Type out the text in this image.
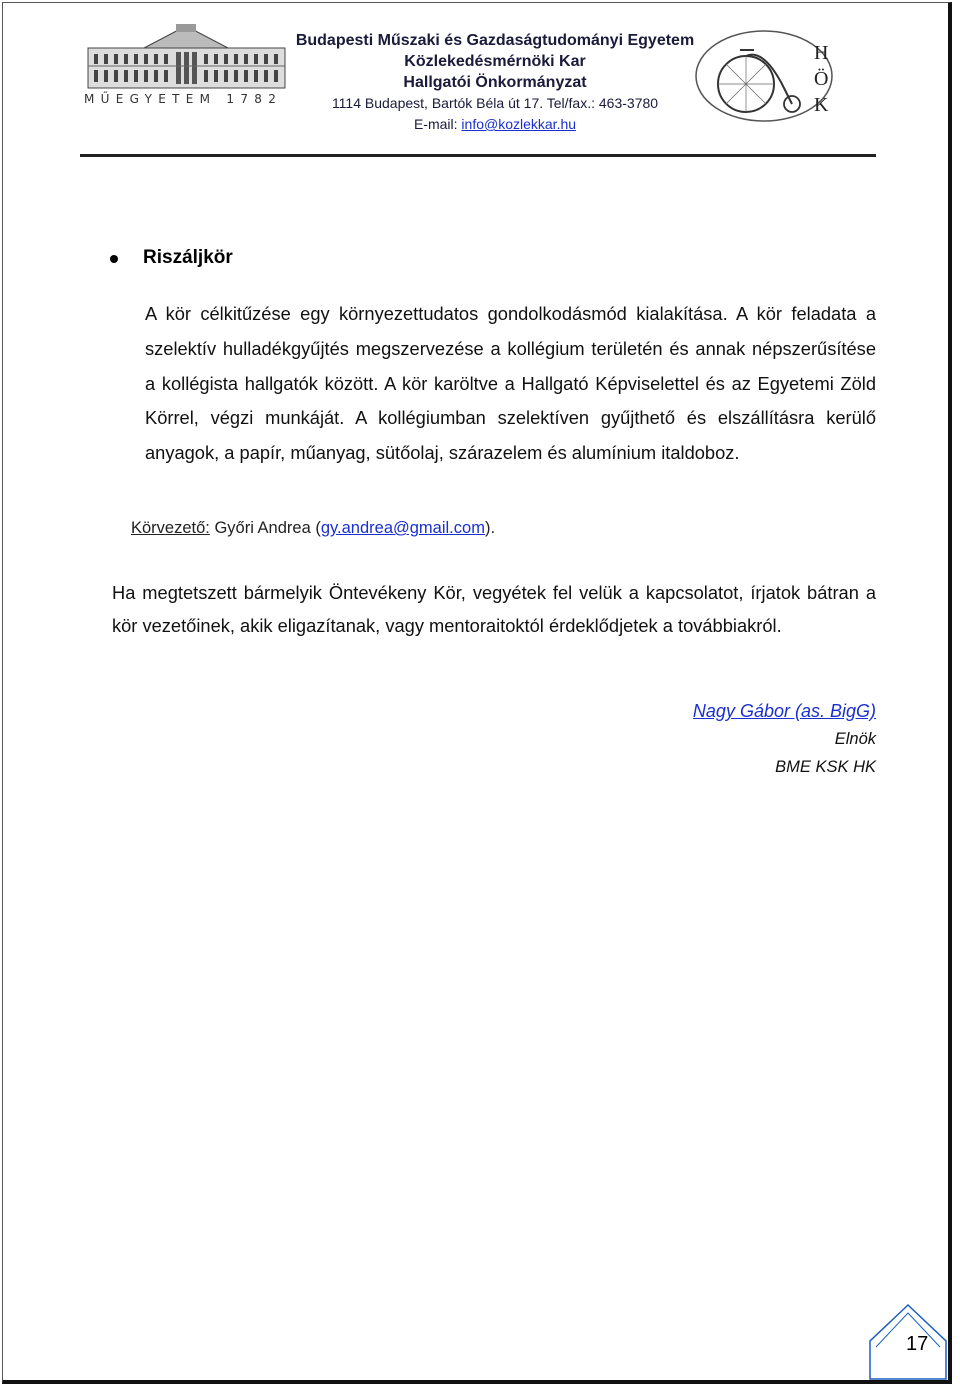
MŰEGYETEM 1782
Budapesti Műszaki és Gazdaságtudományi Egyetem
Közlekedésmérnöki Kar
Hallgatói Önkormányzat
1114 Budapest, Bartók Béla út 17. Tel/fax.: 463-3780
E-mail: info@kozlekkar.hu
H
Ö
K
Riszáljkör
A kör célkitűzése egy környezettudatos gondolkodásmód kialakítása. A kör feladata a szelektív hulladékgyűjtés megszervezése a kollégium területén és annak népszerűsítése a kollégista hallgatók között. A kör karöltve a Hallgató Képviselettel és az Egyetemi Zöld Körrel, végzi munkáját. A kollégiumban szelektíven gyűjthető és elszállításra kerülő anyagok, a papír, műanyag, sütőolaj, szárazelem és alumínium italdoboz.
Körvezető: Győri Andrea (gy.andrea@gmail.com).
Ha megtetszett bármelyik Öntevékeny Kör, vegyétek fel velük a kapcsolatot, írjatok bátran a kör vezetőinek, akik eligazítanak, vagy mentoraitoktól érdeklődjetek a továbbiakról.
Nagy Gábor (as. BigG)
Elnök
BME KSK HK
17
